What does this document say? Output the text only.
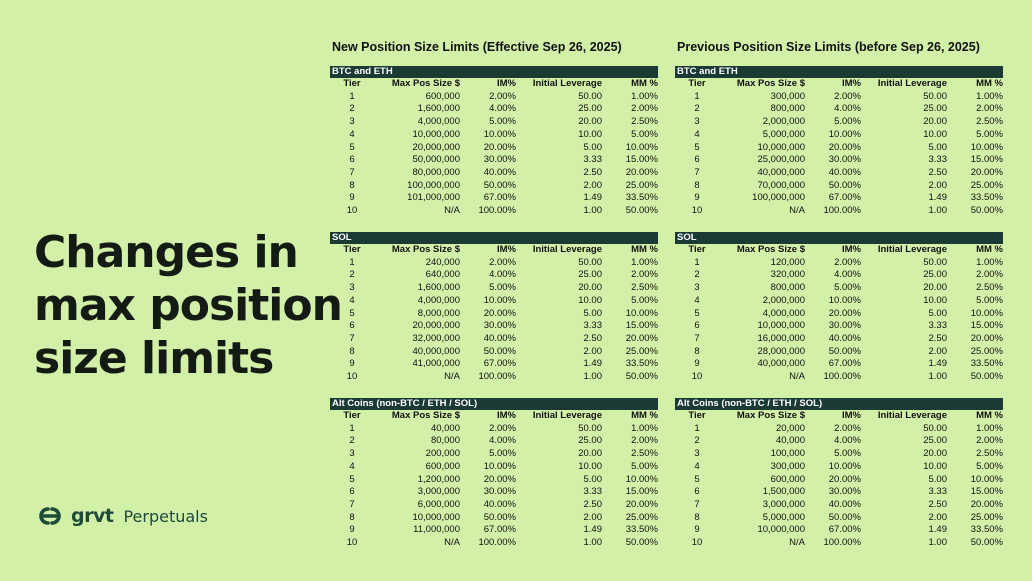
Changes in
max position
size limits
grvt Perpetuals
New Position Size Limits (Effective Sep 26, 2025)	Previous Position Size Limits (before Sep 26, 2025)
BTC and ETH
Tier	Max Pos Size $	IM%	Initial Leverage	MM %
1	600,000	2.00%	50.00	1.00%
2	1,600,000	4.00%	25.00	2.00%
3	4,000,000	5.00%	20.00	2.50%
4	10,000,000	10.00%	10.00	5.00%
5	20,000,000	20.00%	5.00	10.00%
6	50,000,000	30.00%	3.33	15.00%
7	80,000,000	40.00%	2.50	20.00%
8	100,000,000	50.00%	2.00	25.00%
9	101,000,000	67.00%	1.49	33.50%
10	N/A	100.00%	1.00	50.00%
BTC and ETH
Tier	Max Pos Size $	IM%	Initial Leverage	MM %
1	300,000	2.00%	50.00	1.00%
2	800,000	4.00%	25.00	2.00%
3	2,000,000	5.00%	20.00	2.50%
4	5,000,000	10.00%	10.00	5.00%
5	10,000,000	20.00%	5.00	10.00%
6	25,000,000	30.00%	3.33	15.00%
7	40,000,000	40.00%	2.50	20.00%
8	70,000,000	50.00%	2.00	25.00%
9	100,000,000	67.00%	1.49	33.50%
10	N/A	100.00%	1.00	50.00%
SOL
Tier	Max Pos Size $	IM%	Initial Leverage	MM %
1	240,000	2.00%	50.00	1.00%
2	640,000	4.00%	25.00	2.00%
3	1,600,000	5.00%	20.00	2.50%
4	4,000,000	10.00%	10.00	5.00%
5	8,000,000	20.00%	5.00	10.00%
6	20,000,000	30.00%	3.33	15.00%
7	32,000,000	40.00%	2.50	20.00%
8	40,000,000	50.00%	2.00	25.00%
9	41,000,000	67.00%	1.49	33.50%
10	N/A	100.00%	1.00	50.00%
SOL
Tier	Max Pos Size $	IM%	Initial Leverage	MM %
1	120,000	2.00%	50.00	1.00%
2	320,000	4.00%	25.00	2.00%
3	800,000	5.00%	20.00	2.50%
4	2,000,000	10.00%	10.00	5.00%
5	4,000,000	20.00%	5.00	10.00%
6	10,000,000	30.00%	3.33	15.00%
7	16,000,000	40.00%	2.50	20.00%
8	28,000,000	50.00%	2.00	25.00%
9	40,000,000	67.00%	1.49	33.50%
10	N/A	100.00%	1.00	50.00%
Alt Coins (non-BTC / ETH / SOL)
Tier	Max Pos Size $	IM%	Initial Leverage	MM %
1	40,000	2.00%	50.00	1.00%
2	80,000	4.00%	25.00	2.00%
3	200,000	5.00%	20.00	2.50%
4	600,000	10.00%	10.00	5.00%
5	1,200,000	20.00%	5.00	10.00%
6	3,000,000	30.00%	3.33	15.00%
7	6,000,000	40.00%	2.50	20.00%
8	10,000,000	50.00%	2.00	25.00%
9	11,000,000	67.00%	1.49	33.50%
10	N/A	100.00%	1.00	50.00%
Alt Coins (non-BTC / ETH / SOL)
Tier	Max Pos Size $	IM%	Initial Leverage	MM %
1	20,000	2.00%	50.00	1.00%
2	40,000	4.00%	25.00	2.00%
3	100,000	5.00%	20.00	2.50%
4	300,000	10.00%	10.00	5.00%
5	600,000	20.00%	5.00	10.00%
6	1,500,000	30.00%	3.33	15.00%
7	3,000,000	40.00%	2.50	20.00%
8	5,000,000	50.00%	2.00	25.00%
9	10,000,000	67.00%	1.49	33.50%
10	N/A	100.00%	1.00	50.00%
